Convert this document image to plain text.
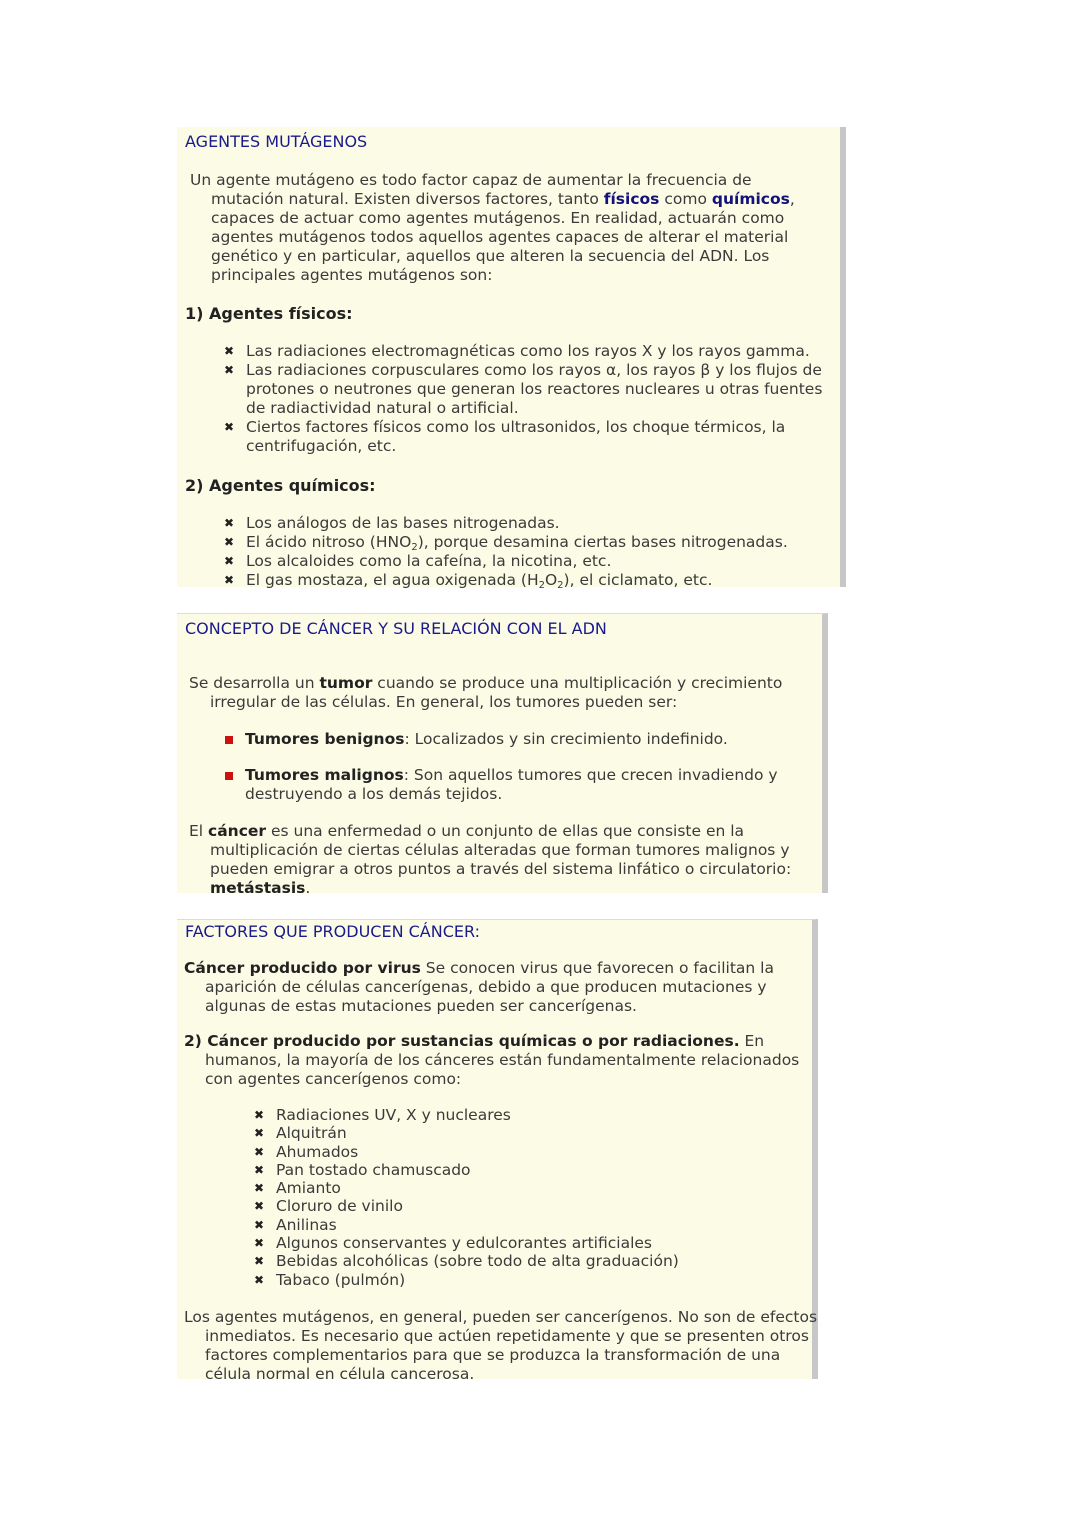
AGENTES MUTÁGENOS

Un agente mutágeno es todo factor capaz de aumentar la frecuencia de mutación natural. Existen diversos factores, tanto físicos como químicos, capaces de actuar como agentes mutágenos. En realidad, actuarán como agentes mutágenos todos aquellos agentes capaces de alterar el material genético y en particular, aquellos que alteren la secuencia del ADN. Los principales agentes mutágenos son:

1) Agentes físicos:
✖ Las radiaciones electromagnéticas como los rayos X y los rayos gamma.
✖ Las radiaciones corpusculares como los rayos α, los rayos β y los flujos de protones o neutrones que generan los reactores nucleares u otras fuentes de radiactividad natural o artificial.
✖ Ciertos factores físicos como los ultrasonidos, los choque térmicos, la centrifugación, etc.
2) Agentes químicos:
✖ Los análogos de las bases nitrogenadas.
✖ El ácido nitroso $(HNO_2)$, porque desamina ciertas bases nitrogenadas.
✖ Los alcaloides como la cafeína, la nicotina, etc.
✖ El gas mostaza, el agua oxigenada $(H_2O_2)$, el ciclamato, etc.
CONCEPTO DE CÁNCER Y SU RELACIÓN CON EL ADN

Se desarrolla un tumor cuando se produce una multiplicación y crecimiento irregular de las células. En general, los tumores pueden ser:

Tumores benignos: Localizados y sin crecimiento indefinido.
Tumores malignos: Son aquellos tumores que crecen invadiendo y destruyendo a los demás tejidos.

El cáncer es una enfermedad o un conjunto de ellas que consiste en la multiplicación de ciertas células alteradas que forman tumores malignos y pueden emigrar a otros puntos a través del sistema linfático o circulatorio: metástasis.

FACTORES QUE PRODUCEN CÁNCER:

Cáncer producido por virus Se conocen virus que favorecen o facilitan la aparición de células cancerígenas, debido a que producen mutaciones y algunas de estas mutaciones pueden ser cancerígenas.

2) Cáncer producido por sustancias químicas o por radiaciones. En humanos, la mayoría de los cánceres están fundamentalmente relacionados con agentes cancerígenos como:

✖ Radiaciones UV, X y nucleares
✖ Alquitrán
✖ Ahumados
✖ Pan tostado chamuscado
✖ Amianto
✖ Cloruro de vinilo
✖ Anilinas
✖ Algunos conservantes y edulcorantes artificiales
✖ Bebidas alcohólicas (sobre todo de alta graduación)
✖ Tabaco (pulmón)

Los agentes mutágenos, en general, pueden ser cancerígenos. No son de efectos inmediatos. Es necesario que actúen repetidamente y que se presenten otros factores complementarios para que se produzca la transformación de una célula normal en célula cancerosa.
